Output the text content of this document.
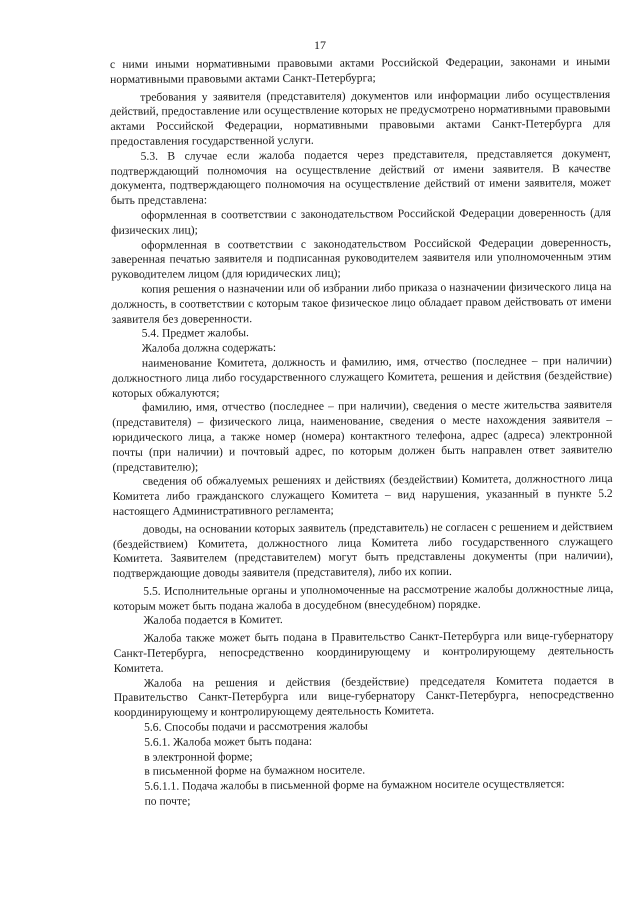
17

с ними иными нормативными правовыми актами Российской Федерации, законами и иными нормативными правовыми актами Санкт-Петербурга;

требования у заявителя (представителя) документов или информации либо осуществления действий, предоставление или осуществление которых не предусмотрено нормативными правовыми актами Российской Федерации, нормативными правовыми актами Санкт-Петербурга для предоставления государственной услуги.

5.3. В случае если жалоба подается через представителя, представляется документ, подтверждающий полномочия на осуществление действий от имени заявителя. В качестве документа, подтверждающего полномочия на осуществление действий от имени заявителя, может быть представлена:

оформленная в соответствии с законодательством Российской Федерации доверенность (для физических лиц);

оформленная в соответствии с законодательством Российской Федерации доверенность, заверенная печатью заявителя и подписанная руководителем заявителя или уполномоченным этим руководителем лицом (для юридических лиц);

копия решения о назначении или об избрании либо приказа о назначении физического лица на должность, в соответствии с которым такое физическое лицо обладает правом действовать от имени заявителя без доверенности.

5.4. Предмет жалобы.

Жалоба должна содержать:

наименование Комитета, должность и фамилию, имя, отчество (последнее – при наличии) должностного лица либо государственного служащего Комитета, решения и действия (бездействие) которых обжалуются;

фамилию, имя, отчество (последнее – при наличии), сведения о месте жительства заявителя (представителя) – физического лица, наименование, сведения о месте нахождения заявителя – юридического лица, а также номер (номера) контактного телефона, адрес (адреса) электронной почты (при наличии) и почтовый адрес, по которым должен быть направлен ответ заявителю (представителю);

сведения об обжалуемых решениях и действиях (бездействии) Комитета, должностного лица Комитета либо гражданского служащего Комитета – вид нарушения, указанный в пункте 5.2 настоящего Административного регламента;

доводы, на основании которых заявитель (представитель) не согласен с решением и действием (бездействием) Комитета, должностного лица Комитета либо государственного служащего Комитета. Заявителем (представителем) могут быть представлены документы (при наличии), подтверждающие доводы заявителя (представителя), либо их копии.

5.5. Исполнительные органы и уполномоченные на рассмотрение жалобы должностные лица, которым может быть подана жалоба в досудебном (внесудебном) порядке.

Жалоба подается в Комитет.

Жалоба также может быть подана в Правительство Санкт-Петербурга или вице-губернатору Санкт-Петербурга, непосредственно координирующему и контролирующему деятельность Комитета.

Жалоба на решения и действия (бездействие) председателя Комитета подается в Правительство Санкт-Петербурга или вице-губернатору Санкт-Петербурга, непосредственно координирующему и контролирующему деятельность Комитета.

5.6. Способы подачи и рассмотрения жалобы

5.6.1. Жалоба может быть подана:

в электронной форме;

в письменной форме на бумажном носителе.

5.6.1.1. Подача жалобы в письменной форме на бумажном носителе осуществляется:

по почте;
